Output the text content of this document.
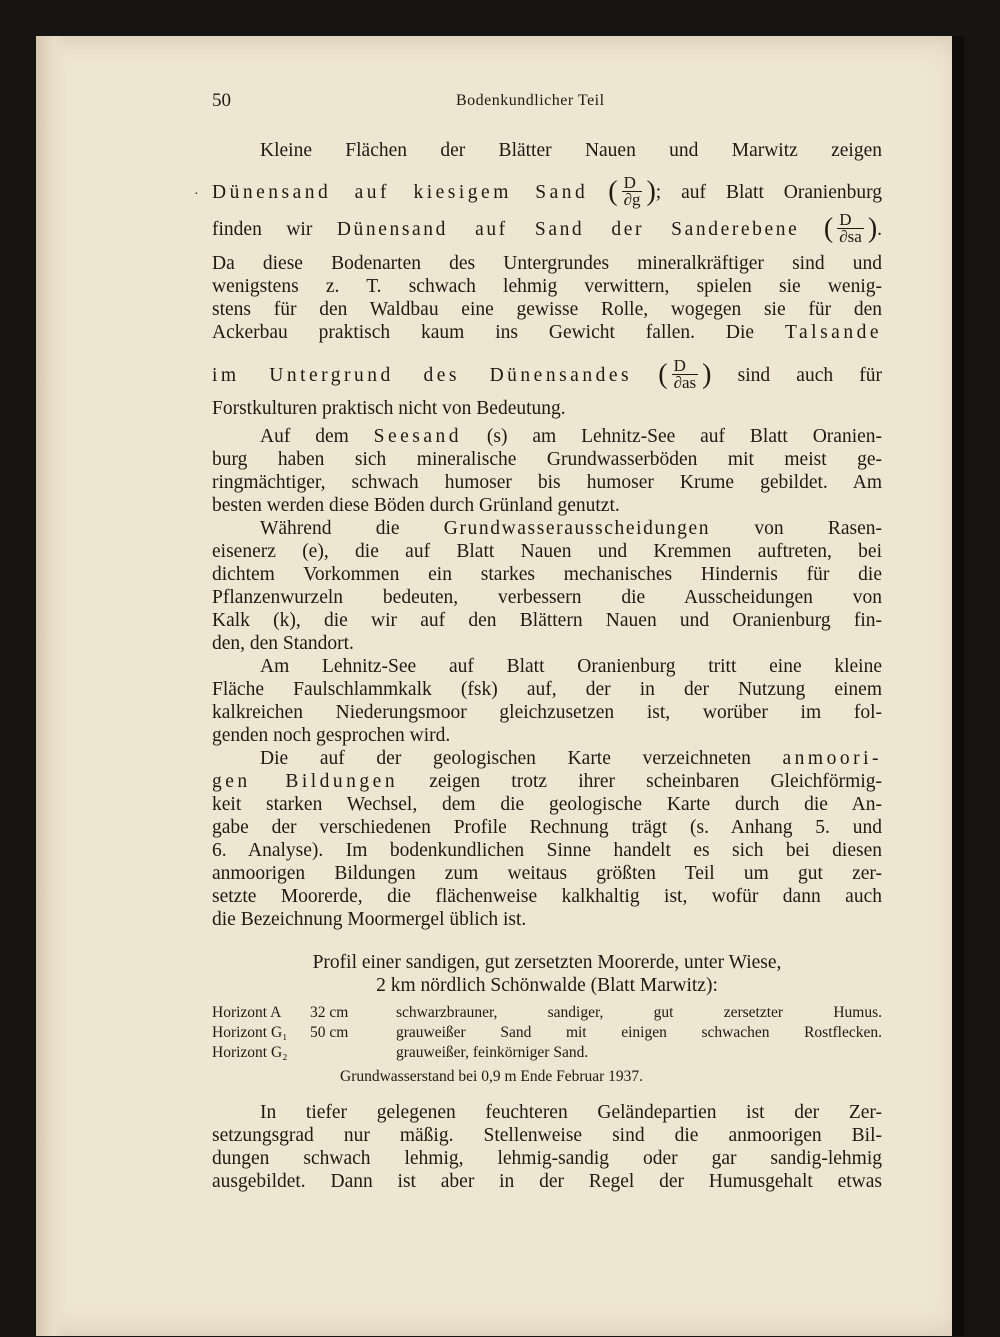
50	Bodenkundlicher Teil
·
Kleine Flächen der Blätter Nauen und Marwitz zeigen
Dünensand auf kiesigem Sand ( $\frac{D}{\partial g}$ ); auf Blatt Oranienburg
finden wir Dünensand auf Sand der Sanderebene ( $\frac{D}{\partial sa}$ ).
Da diese Bodenarten des Untergrundes mineralkräftiger sind und
wenigstens z. T. schwach lehmig verwittern, spielen sie wenig-
stens für den Waldbau eine gewisse Rolle, wogegen sie für den
Ackerbau praktisch kaum ins Gewicht fallen. Die Talsande
im Untergrund des Dünensandes ( $\frac{D}{\partial as}$ ) sind auch für
Forstkulturen praktisch nicht von Bedeutung.
Auf dem Seesand (s) am Lehnitz-See auf Blatt Oranien-
burg haben sich mineralische Grundwasserböden mit meist ge-
ringmächtiger, schwach humoser bis humoser Krume gebildet. Am
besten werden diese Böden durch Grünland genutzt.
Während die Grundwasserausscheidungen von Rasen-
eisenerz (e), die auf Blatt Nauen und Kremmen auftreten, bei
dichtem Vorkommen ein starkes mechanisches Hindernis für die
Pflanzenwurzeln bedeuten, verbessern die Ausscheidungen von
Kalk (k), die wir auf den Blättern Nauen und Oranienburg fin-
den, den Standort.
Am Lehnitz-See auf Blatt Oranienburg tritt eine kleine
Fläche Faulschlammkalk (fsk) auf, der in der Nutzung einem
kalkreichen Niederungsmoor gleichzusetzen ist, worüber im fol-
genden noch gesprochen wird.
Die auf der geologischen Karte verzeichneten anmoori-
gen Bildungen zeigen trotz ihrer scheinbaren Gleichförmig-
keit starken Wechsel, dem die geologische Karte durch die An-
gabe der verschiedenen Profile Rechnung trägt (s. Anhang 5. und
6. Analyse). Im bodenkundlichen Sinne handelt es sich bei diesen
anmoorigen Bildungen zum weitaus größten Teil um gut zer-
setzte Moorerde, die flächenweise kalkhaltig ist, wofür dann auch
die Bezeichnung Moormergel üblich ist.
Profil einer sandigen, gut zersetzten Moorerde, unter Wiese,
2 km nördlich Schönwalde (Blatt Marwitz):
Horizont A 32 cm	schwarzbrauner, sandiger, gut zersetzter Humus.
Horizont G₁ 50 cm	grauweißer Sand mit einigen schwachen Rostflecken.
Horizont G₂	grauweißer, feinkörniger Sand.
Grundwasserstand bei 0,9 m Ende Februar 1937.
In tiefer gelegenen feuchteren Geländepartien ist der Zer-
setzungsgrad nur mäßig. Stellenweise sind die anmoorigen Bil-
dungen schwach lehmig, lehmig-sandig oder gar sandig-lehmig
ausgebildet. Dann ist aber in der Regel der Humusgehalt etwas
